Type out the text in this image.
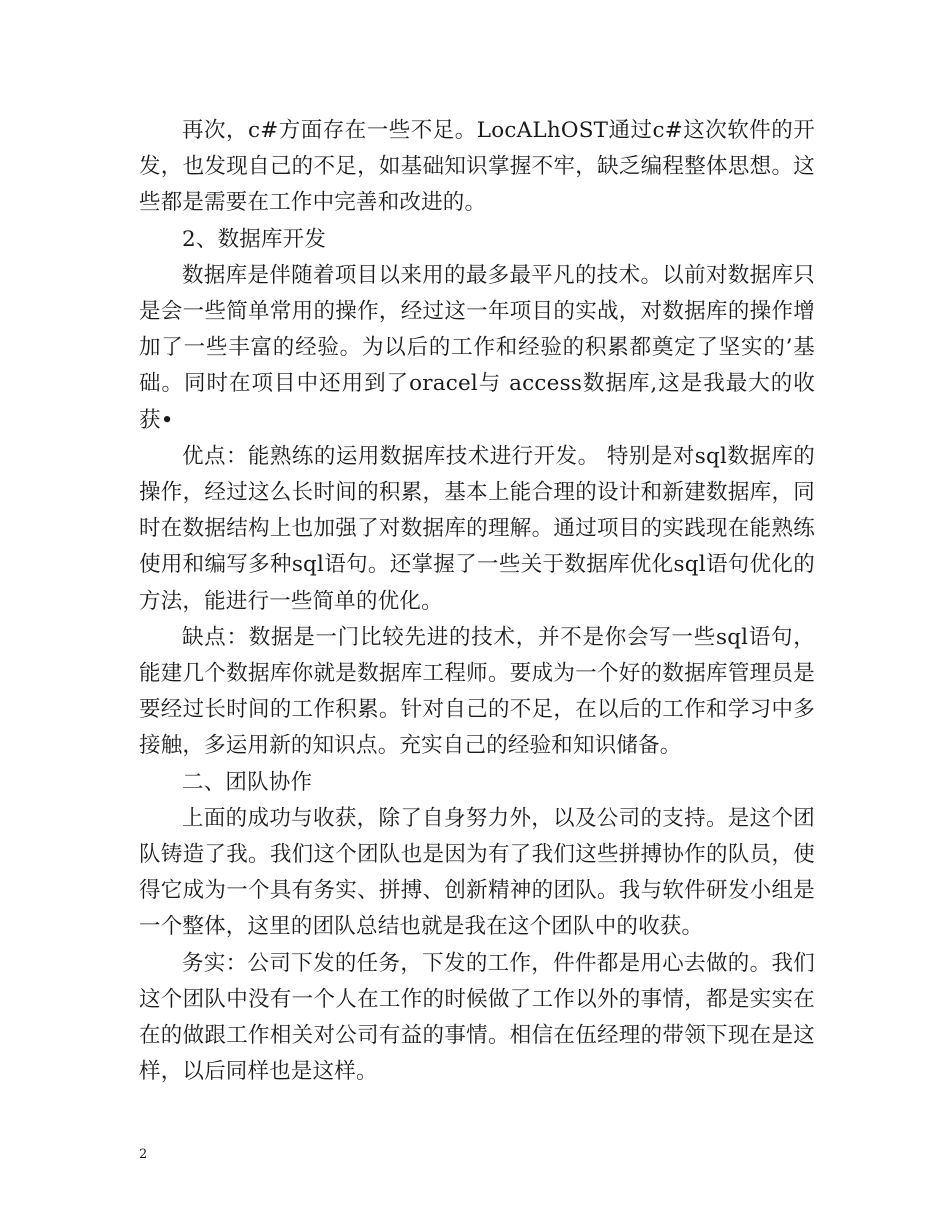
再次，c#方面存在一些不足。LocALhOST通过c#这次软件的开发，也发现自己的不足，如基础知识掌握不牢，缺乏编程整体思想。这些都是需要在工作中完善和改进的。

2、数据库开发

数据库是伴随着项目以来用的最多最平凡的技术。以前对数据库只是会一些简单常用的操作，经过这一年项目的实战，对数据库的操作增加了一些丰富的经验。为以后的工作和经验的积累都奠定了坚实的’基础。同时在项目中还用到了oracel与 access数据库,这是我最大的收获•

优点：能熟练的运用数据库技术进行开发。 特别是对sql数据库的操作，经过这么长时间的积累，基本上能合理的设计和新建数据库，同时在数据结构上也加强了对数据库的理解。通过项目的实践现在能熟练使用和编写多种sql语句。还掌握了一些关于数据库优化sql语句优化的方法，能进行一些简单的优化。

缺点：数据是一门比较先进的技术，并不是你会写一些sql语句，能建几个数据库你就是数据库工程师。要成为一个好的数据库管理员是要经过长时间的工作积累。针对自己的不足，在以后的工作和学习中多接触，多运用新的知识点。充实自己的经验和知识储备。

二、团队协作

上面的成功与收获，除了自身努力外，以及公司的支持。是这个团队铸造了我。我们这个团队也是因为有了我们这些拼搏协作的队员，使得它成为一个具有务实、拼搏、创新精神的团队。我与软件研发小组是一个整体，这里的团队总结也就是我在这个团队中的收获。

务实：公司下发的任务，下发的工作，件件都是用心去做的。我们这个团队中没有一个人在工作的时候做了工作以外的事情，都是实实在在的做跟工作相关对公司有益的事情。相信在伍经理的带领下现在是这样，以后同样也是这样。

2
